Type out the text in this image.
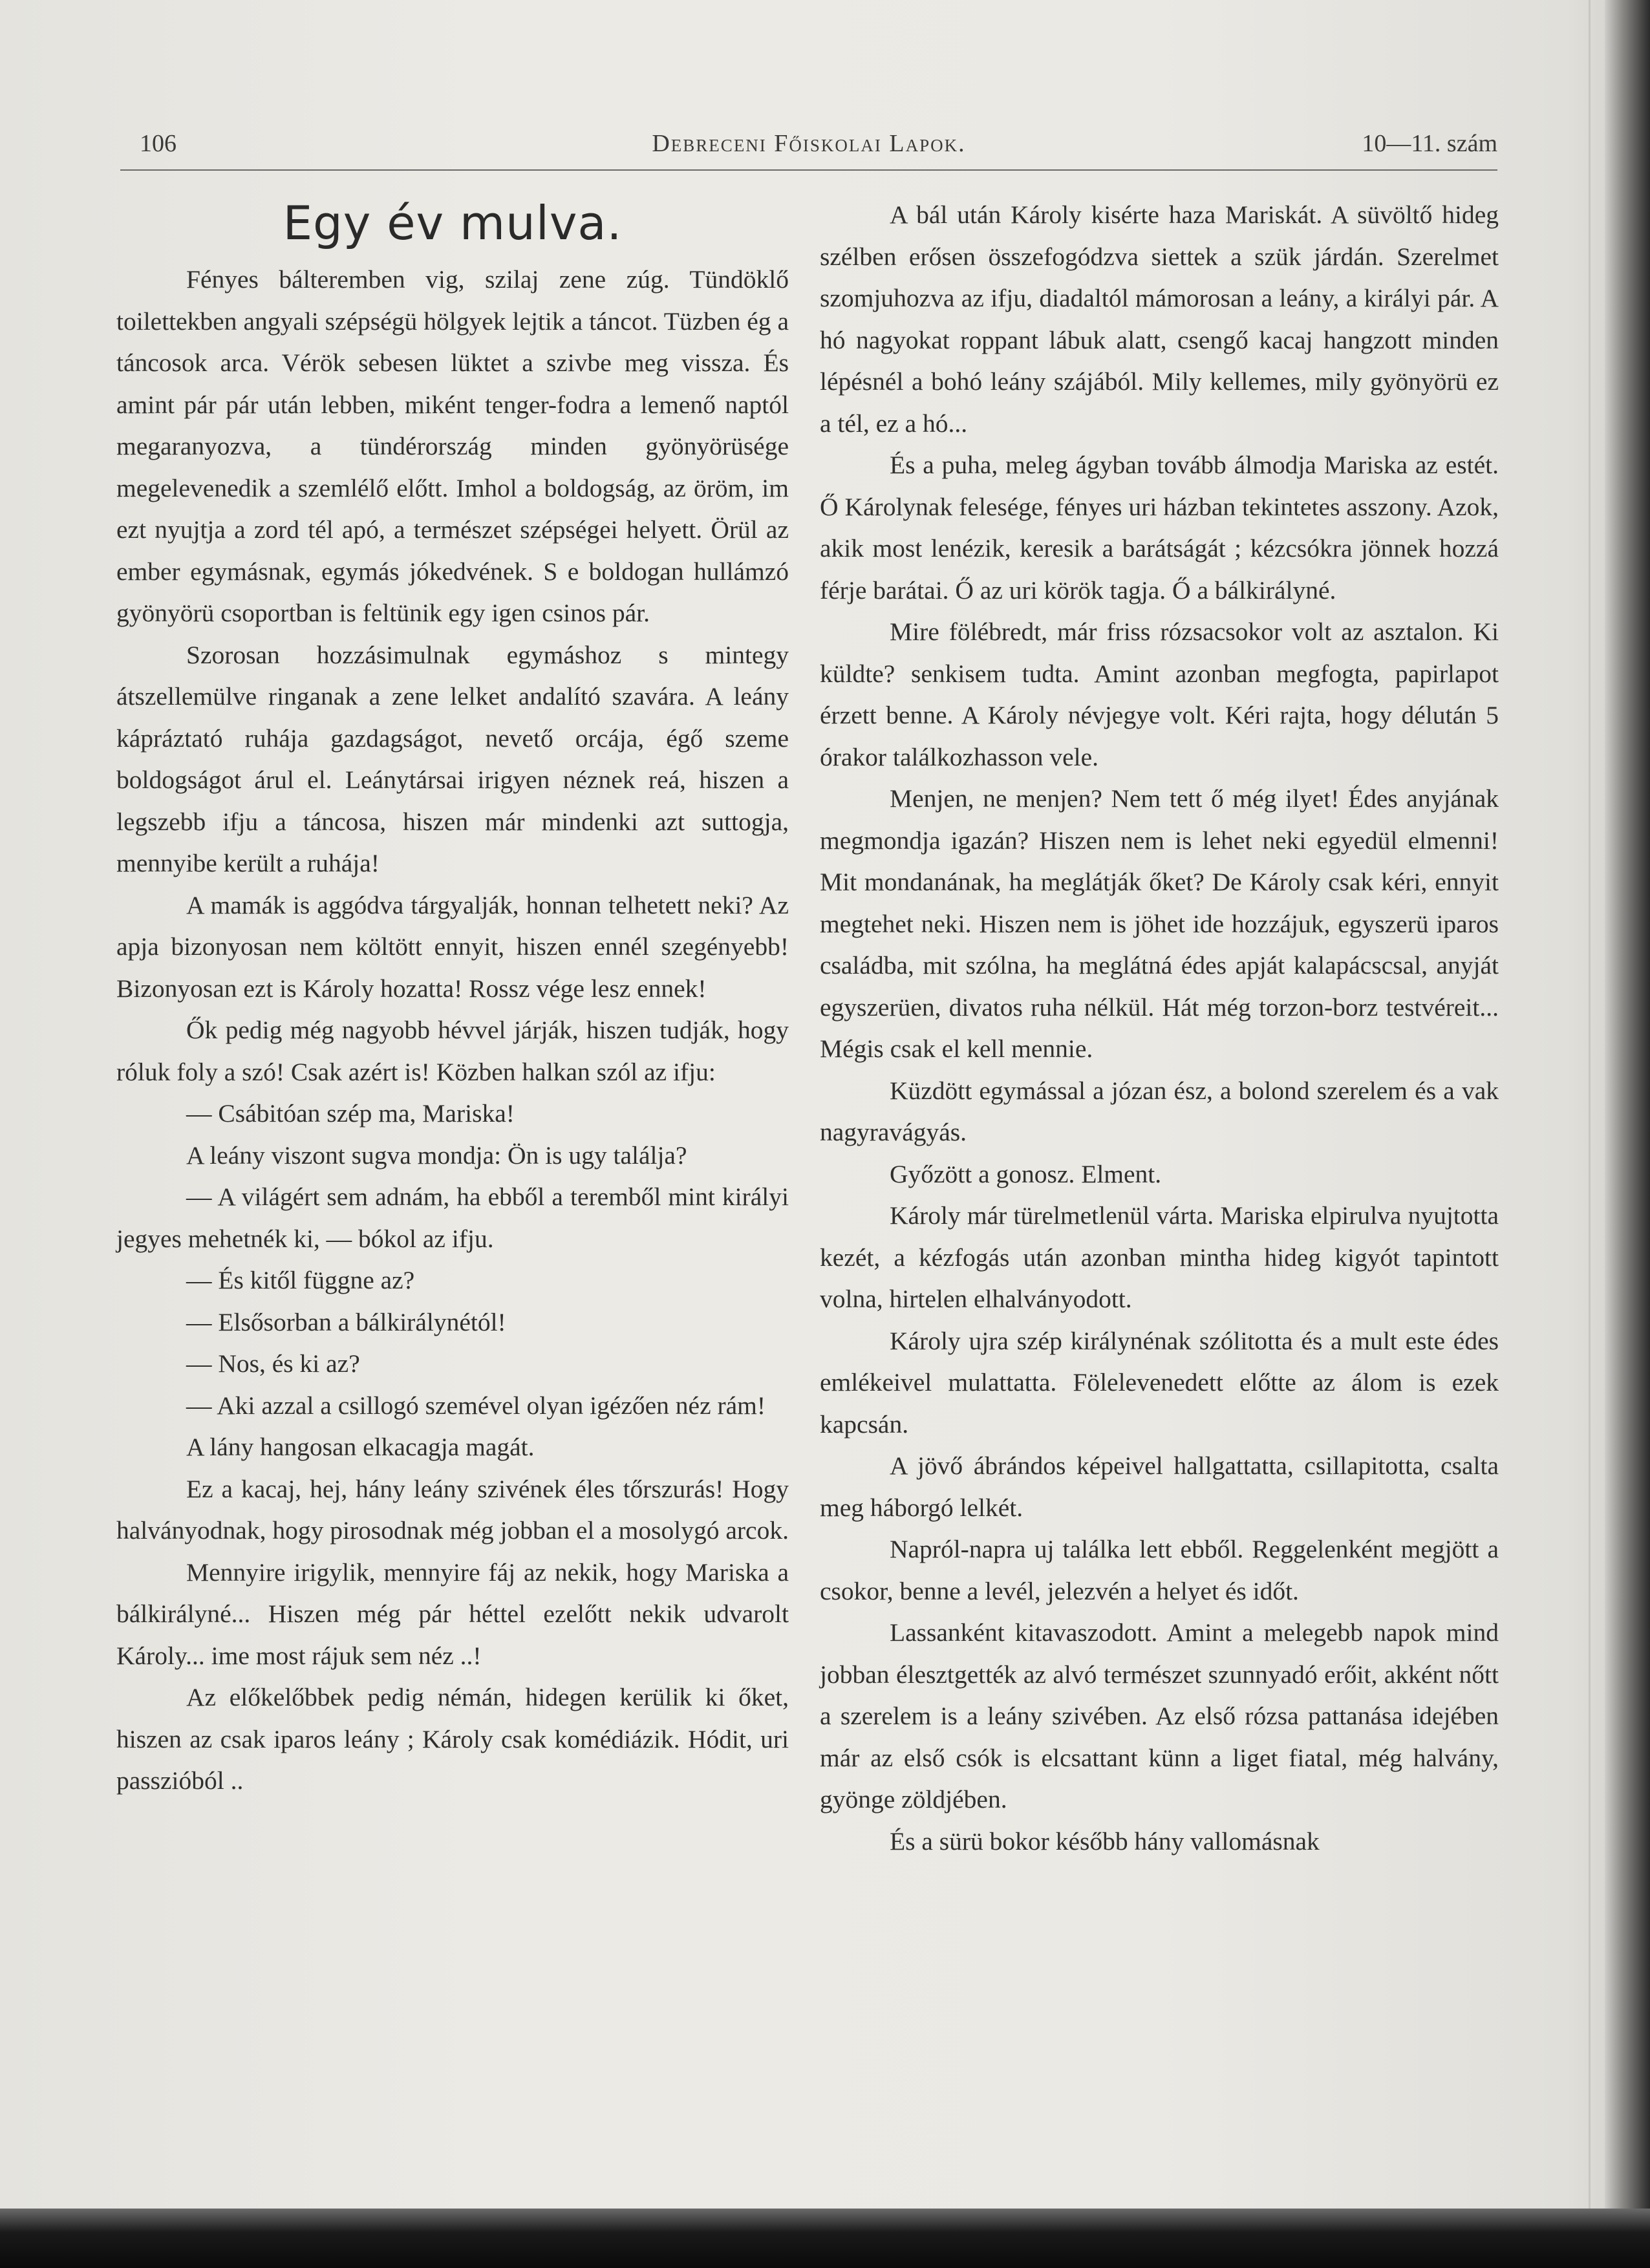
106	Debreceni Főiskolai Lapok.	10—11. szám
Egy év mulva.

Fényes bálteremben vig, szilaj zene zúg. Tündöklő toilettekben angyali szépségü hölgyek lejtik a táncot. Tüzben ég a táncosok arca. Vérök sebesen lüktet a szivbe meg vissza. És amint pár pár után lebben, miként tenger-fodra a lemenő naptól megaranyozva, a tündérország minden gyönyörüsége megelevenedik a szemlélő előtt. Imhol a boldogság, az öröm, im ezt nyujtja a zord tél apó, a természet szépségei helyett. Örül az ember egymásnak, egymás jókedvének. S e boldogan hullámzó gyönyörü csoportban is feltünik egy igen csinos pár.

Szorosan hozzásimulnak egymáshoz s mintegy átszellemülve ringanak a zene lelket andalító szavára. A leány kápráztató ruhája gazdagságot, nevető orcája, égő szeme boldogságot árul el. Leánytársai irigyen néznek reá, hiszen a legszebb ifju a táncosa, hiszen már mindenki azt suttogja, mennyibe került a ruhája!

A mamák is aggódva tárgyalják, honnan telhetett neki? Az apja bizonyosan nem költött ennyit, hiszen ennél szegényebb! Bizonyosan ezt is Károly hozatta! Rossz vége lesz ennek!

Ők pedig még nagyobb hévvel járják, hiszen tudják, hogy róluk foly a szó! Csak azért is! Közben halkan szól az ifju:

— Csábitóan szép ma, Mariska!

A leány viszont sugva mondja: Ön is ugy találja?

— A világért sem adnám, ha ebből a teremből mint királyi jegyes mehetnék ki, — bókol az ifju.

— És kitől függne az?

— Elsősorban a bálkirálynétól!

— Nos, és ki az?

— Aki azzal a csillogó szemével olyan igézően néz rám!

A lány hangosan elkacagja magát.

Ez a kacaj, hej, hány leány szivének éles tőrszurás! Hogy halványodnak, hogy pirosodnak még jobban el a mosolygó arcok.

Mennyire irigylik, mennyire fáj az nekik, hogy Mariska a bálkirályné... Hiszen még pár héttel ezelőtt nekik udvarolt Károly... ime most rájuk sem néz ..!

Az előkelőbbek pedig némán, hidegen kerülik ki őket, hiszen az csak iparos leány ; Károly csak komédiázik. Hódit, uri passzióból ..

A bál után Károly kisérte haza Mariskát. A süvöltő hideg szélben erősen összefogódzva siettek a szük járdán. Szerelmet szomjuhozva az ifju, diadaltól mámorosan a leány, a királyi pár. A hó nagyokat roppant lábuk alatt, csengő kacaj hangzott minden lépésnél a bohó leány szájából. Mily kellemes, mily gyönyörü ez a tél, ez a hó...

És a puha, meleg ágyban tovább álmodja Mariska az estét. Ő Károlynak felesége, fényes uri házban tekintetes asszony. Azok, akik most lenézik, keresik a barátságát ; kézcsókra jönnek hozzá férje barátai. Ő az uri körök tagja. Ő a bálkirályné.

Mire fölébredt, már friss rózsacsokor volt az asztalon. Ki küldte? senkisem tudta. Amint azonban megfogta, papirlapot érzett benne. A Károly névjegye volt. Kéri rajta, hogy délután 5 órakor találkozhasson vele.

Menjen, ne menjen? Nem tett ő még ilyet! Édes anyjának megmondja igazán? Hiszen nem is lehet neki egyedül elmenni! Mit mondanának, ha meglátják őket? De Károly csak kéri, ennyit megtehet neki. Hiszen nem is jöhet ide hozzájuk, egyszerü iparos családba, mit szólna, ha meglátná édes apját kalapácscsal, anyját egyszerüen, divatos ruha nélkül. Hát még torzon-borz testvéreit... Mégis csak el kell mennie.

Küzdött egymással a józan ész, a bolond szerelem és a vak nagyravágyás.

Győzött a gonosz. Elment.

Károly már türelmetlenül várta. Mariska elpirulva nyujtotta kezét, a kézfogás után azonban mintha hideg kigyót tapintott volna, hirtelen elhalványodott.

Károly ujra szép királynénak szólitotta és a mult este édes emlékeivel mulattatta. Fölelevenedett előtte az álom is ezek kapcsán.

A jövő ábrándos képeivel hallgattatta, csillapitotta, csalta meg háborgó lelkét.

Napról-napra uj találka lett ebből. Reggelenként megjött a csokor, benne a levél, jelezvén a helyet és időt.

Lassanként kitavaszodott. Amint a melegebb napok mind jobban élesztgették az alvó természet szunnyadó erőit, akként nőtt a szerelem is a leány szivében. Az első rózsa pattanása idejében már az első csók is elcsattant künn a liget fiatal, még halvány, gyönge zöldjében.

És a sürü bokor később hány vallomásnak
